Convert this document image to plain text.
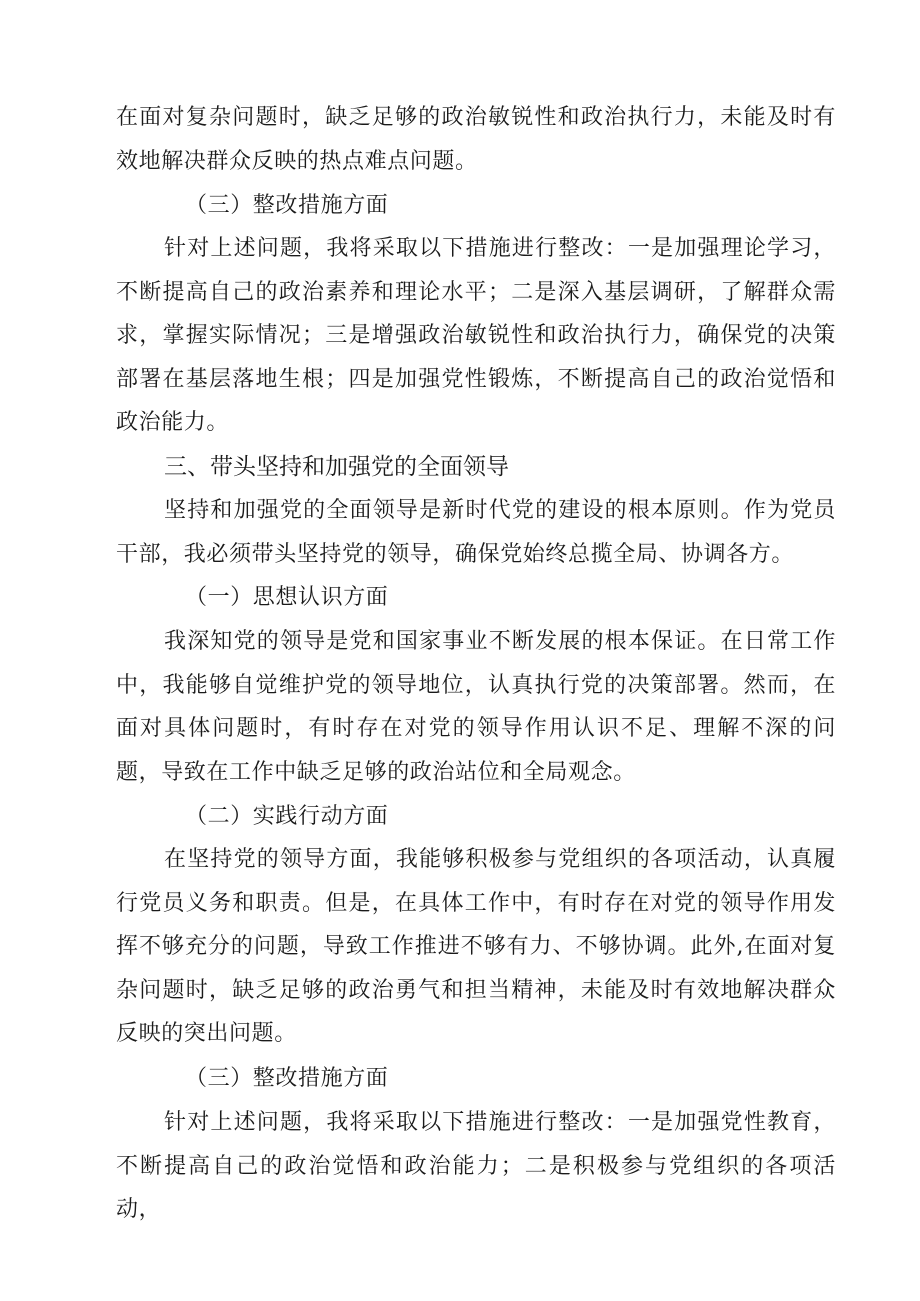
在面对复杂问题时，缺乏足够的政治敏锐性和政治执行力，未能及时有效地解决群众反映的热点难点问题。

（三）整改措施方面

针对上述问题，我将采取以下措施进行整改：一是加强理论学习，不断提高自己的政治素养和理论水平；二是深入基层调研，了解群众需求，掌握实际情况；三是增强政治敏锐性和政治执行力，确保党的决策部署在基层落地生根；四是加强党性锻炼，不断提高自己的政治觉悟和政治能力。

三、带头坚持和加强党的全面领导

坚持和加强党的全面领导是新时代党的建设的根本原则。作为党员干部，我必须带头坚持党的领导，确保党始终总揽全局、协调各方。

（一）思想认识方面

我深知党的领导是党和国家事业不断发展的根本保证。在日常工作中，我能够自觉维护党的领导地位，认真执行党的决策部署。然而，在面对具体问题时，有时存在对党的领导作用认识不足、理解不深的问题，导致在工作中缺乏足够的政治站位和全局观念。

（二）实践行动方面

在坚持党的领导方面，我能够积极参与党组织的各项活动，认真履行党员义务和职责。但是，在具体工作中，有时存在对党的领导作用发挥不够充分的问题，导致工作推进不够有力、不够协调。此外,在面对复杂问题时，缺乏足够的政治勇气和担当精神，未能及时有效地解决群众反映的突出问题。

（三）整改措施方面

针对上述问题，我将采取以下措施进行整改：一是加强党性教育，不断提高自己的政治觉悟和政治能力；二是积极参与党组织的各项活动，
